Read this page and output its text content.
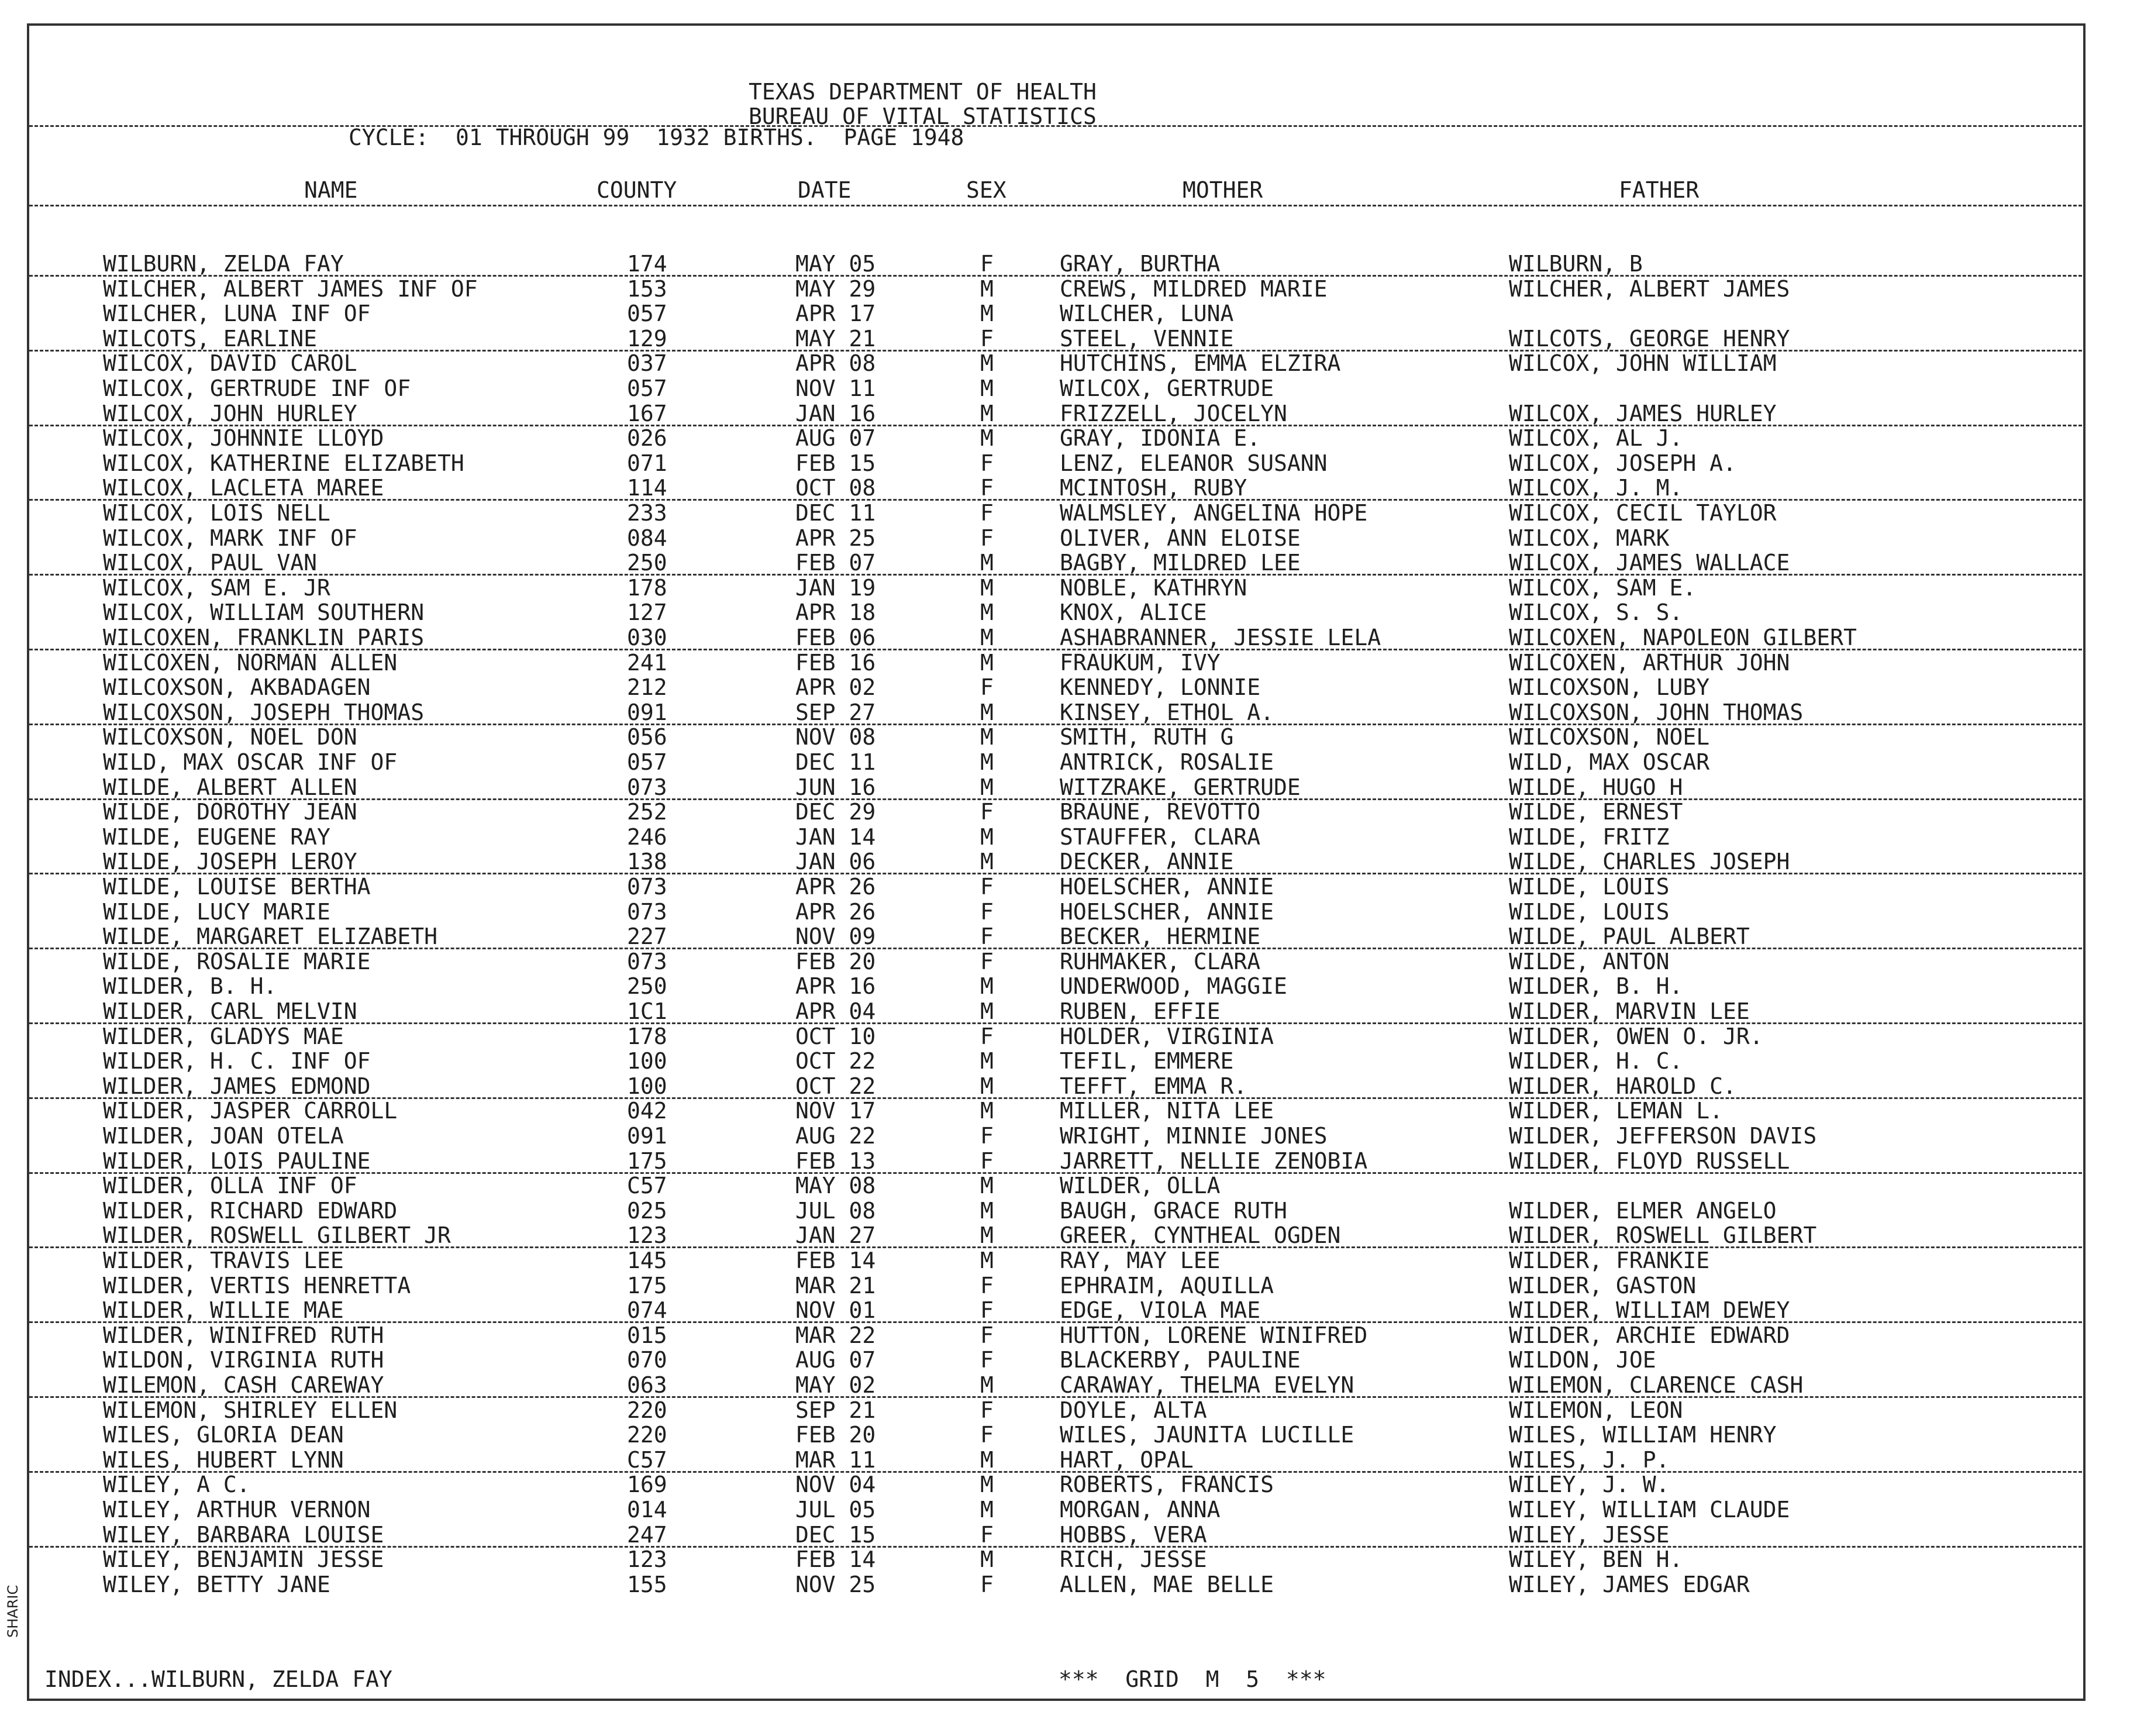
TEXAS DEPARTMENT OF HEALTH
BUREAU OF VITAL STATISTICS
CYCLE:  01 THROUGH 99  1932 BIRTHS.  PAGE 1948
NAME	COUNTY	DATE	SEX	MOTHER	FATHER
WILBURN, ZELDA FAY	174	MAY 05	F	GRAY, BURTHA	WILBURN, B
WILCHER, ALBERT JAMES INF OF	153	MAY 29	M	CREWS, MILDRED MARIE	WILCHER, ALBERT JAMES
WILCHER, LUNA INF OF	057	APR 17	M	WILCHER, LUNA
WILCOTS, EARLINE	129	MAY 21	F	STEEL, VENNIE	WILCOTS, GEORGE HENRY
WILCOX, DAVID CAROL	037	APR 08	M	HUTCHINS, EMMA ELZIRA	WILCOX, JOHN WILLIAM
WILCOX, GERTRUDE INF OF	057	NOV 11	M	WILCOX, GERTRUDE
WILCOX, JOHN HURLEY	167	JAN 16	M	FRIZZELL, JOCELYN	WILCOX, JAMES HURLEY
WILCOX, JOHNNIE LLOYD	026	AUG 07	M	GRAY, IDONIA E.	WILCOX, AL J.
WILCOX, KATHERINE ELIZABETH	071	FEB 15	F	LENZ, ELEANOR SUSANN	WILCOX, JOSEPH A.
WILCOX, LACLETA MAREE	114	OCT 08	F	MCINTOSH, RUBY	WILCOX, J. M.
WILCOX, LOIS NELL	233	DEC 11	F	WALMSLEY, ANGELINA HOPE	WILCOX, CECIL TAYLOR
WILCOX, MARK INF OF	084	APR 25	F	OLIVER, ANN ELOISE	WILCOX, MARK
WILCOX, PAUL VAN	250	FEB 07	M	BAGBY, MILDRED LEE	WILCOX, JAMES WALLACE
WILCOX, SAM E. JR	178	JAN 19	M	NOBLE, KATHRYN	WILCOX, SAM E.
WILCOX, WILLIAM SOUTHERN	127	APR 18	M	KNOX, ALICE	WILCOX, S. S.
WILCOXEN, FRANKLIN PARIS	030	FEB 06	M	ASHABRANNER, JESSIE LELA	WILCOXEN, NAPOLEON GILBERT
WILCOXEN, NORMAN ALLEN	241	FEB 16	M	FRAUKUM, IVY	WILCOXEN, ARTHUR JOHN
WILCOXSON, AKBADAGEN	212	APR 02	F	KENNEDY, LONNIE	WILCOXSON, LUBY
WILCOXSON, JOSEPH THOMAS	091	SEP 27	M	KINSEY, ETHOL A.	WILCOXSON, JOHN THOMAS
WILCOXSON, NOEL DON	056	NOV 08	M	SMITH, RUTH G	WILCOXSON, NOEL
WILD, MAX OSCAR INF OF	057	DEC 11	M	ANTRICK, ROSALIE	WILD, MAX OSCAR
WILDE, ALBERT ALLEN	073	JUN 16	M	WITZRAKE, GERTRUDE	WILDE, HUGO H
WILDE, DOROTHY JEAN	252	DEC 29	F	BRAUNE, REVOTTO	WILDE, ERNEST
WILDE, EUGENE RAY	246	JAN 14	M	STAUFFER, CLARA	WILDE, FRITZ
WILDE, JOSEPH LEROY	138	JAN 06	M	DECKER, ANNIE	WILDE, CHARLES JOSEPH
WILDE, LOUISE BERTHA	073	APR 26	F	HOELSCHER, ANNIE	WILDE, LOUIS
WILDE, LUCY MARIE	073	APR 26	F	HOELSCHER, ANNIE	WILDE, LOUIS
WILDE, MARGARET ELIZABETH	227	NOV 09	F	BECKER, HERMINE	WILDE, PAUL ALBERT
WILDE, ROSALIE MARIE	073	FEB 20	F	RUHMAKER, CLARA	WILDE, ANTON
WILDER, B. H.	250	APR 16	M	UNDERWOOD, MAGGIE	WILDER, B. H.
WILDER, CARL MELVIN	1C1	APR 04	M	RUBEN, EFFIE	WILDER, MARVIN LEE
WILDER, GLADYS MAE	178	OCT 10	F	HOLDER, VIRGINIA	WILDER, OWEN O. JR.
WILDER, H. C. INF OF	100	OCT 22	M	TEFIL, EMMERE	WILDER, H. C.
WILDER, JAMES EDMOND	100	OCT 22	M	TEFFT, EMMA R.	WILDER, HAROLD C.
WILDER, JASPER CARROLL	042	NOV 17	M	MILLER, NITA LEE	WILDER, LEMAN L.
WILDER, JOAN OTELA	091	AUG 22	F	WRIGHT, MINNIE JONES	WILDER, JEFFERSON DAVIS
WILDER, LOIS PAULINE	175	FEB 13	F	JARRETT, NELLIE ZENOBIA	WILDER, FLOYD RUSSELL
WILDER, OLLA INF OF	C57	MAY 08	M	WILDER, OLLA
WILDER, RICHARD EDWARD	025	JUL 08	M	BAUGH, GRACE RUTH	WILDER, ELMER ANGELO
WILDER, ROSWELL GILBERT JR	123	JAN 27	M	GREER, CYNTHEAL OGDEN	WILDER, ROSWELL GILBERT
WILDER, TRAVIS LEE	145	FEB 14	M	RAY, MAY LEE	WILDER, FRANKIE
WILDER, VERTIS HENRETTA	175	MAR 21	F	EPHRAIM, AQUILLA	WILDER, GASTON
WILDER, WILLIE MAE	074	NOV 01	F	EDGE, VIOLA MAE	WILDER, WILLIAM DEWEY
WILDER, WINIFRED RUTH	015	MAR 22	F	HUTTON, LORENE WINIFRED	WILDER, ARCHIE EDWARD
WILDON, VIRGINIA RUTH	070	AUG 07	F	BLACKERBY, PAULINE	WILDON, JOE
WILEMON, CASH CAREWAY	063	MAY 02	M	CARAWAY, THELMA EVELYN	WILEMON, CLARENCE CASH
WILEMON, SHIRLEY ELLEN	220	SEP 21	F	DOYLE, ALTA	WILEMON, LEON
WILES, GLORIA DEAN	220	FEB 20	F	WILES, JAUNITA LUCILLE	WILES, WILLIAM HENRY
WILES, HUBERT LYNN	C57	MAR 11	M	HART, OPAL	WILES, J. P.
WILEY, A C.	169	NOV 04	M	ROBERTS, FRANCIS	WILEY, J. W.
WILEY, ARTHUR VERNON	014	JUL 05	M	MORGAN, ANNA	WILEY, WILLIAM CLAUDE
WILEY, BARBARA LOUISE	247	DEC 15	F	HOBBS, VERA	WILEY, JESSE
WILEY, BENJAMIN JESSE	123	FEB 14	M	RICH, JESSE	WILEY, BEN H.
WILEY, BETTY JANE	155	NOV 25	F	ALLEN, MAE BELLE	WILEY, JAMES EDGAR
INDEX...WILBURN, ZELDA FAY	***  GRID  M  5  ***
SHARIC
